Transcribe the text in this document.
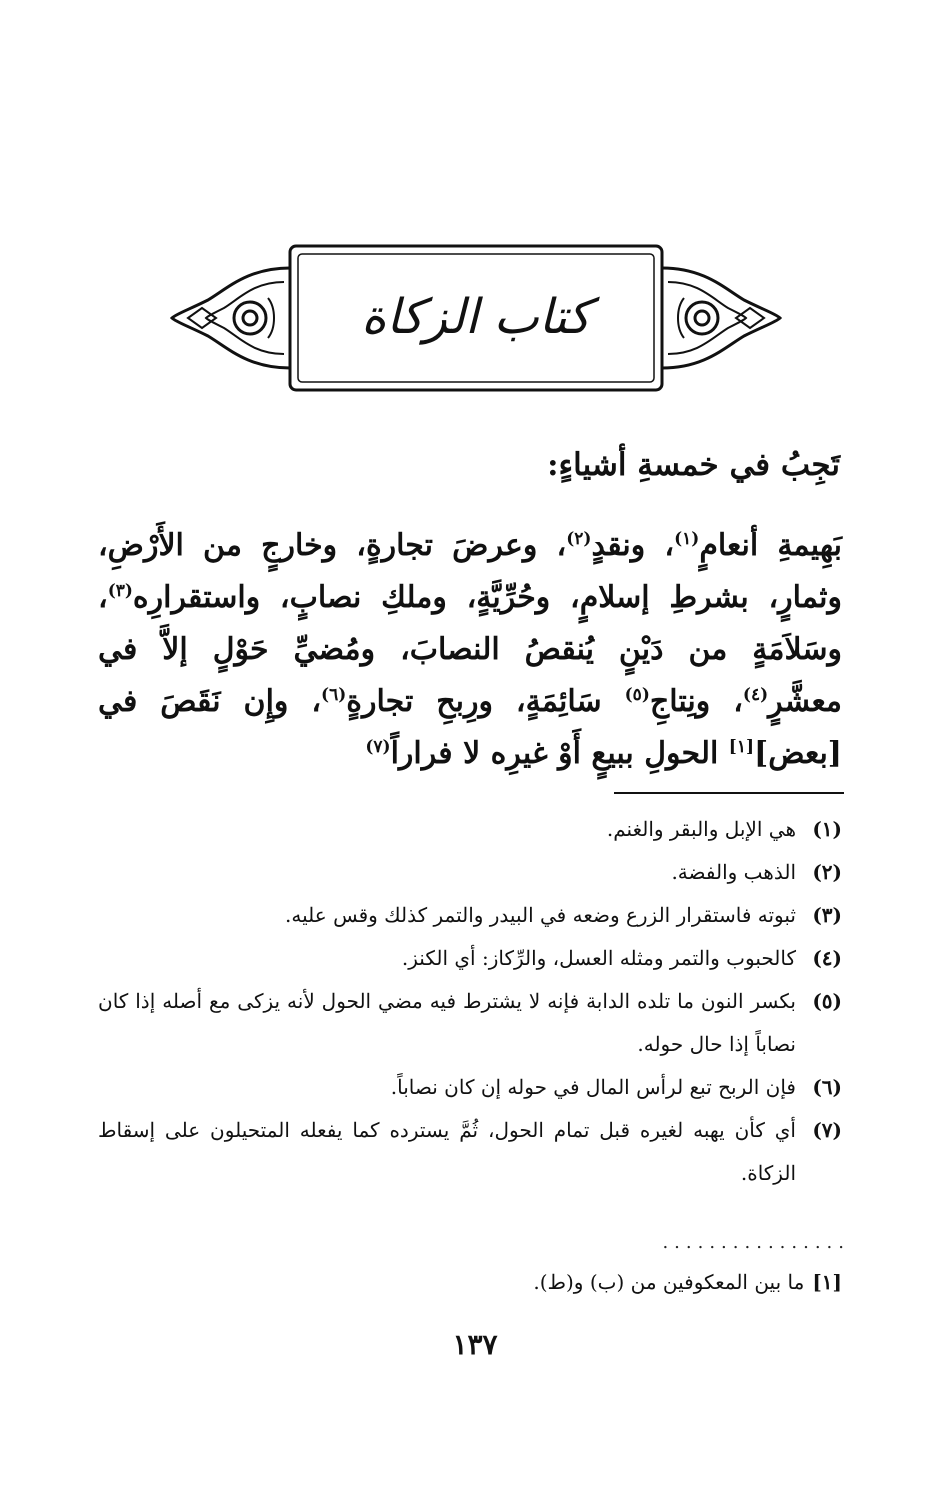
كتاب الزكاة
تَجِبُ في خمسةِ أشياءٍ:
بَهِيمةِ أنعامٍ$^{(١)}$، ونقدٍ$^{(٢)}$، وعرضَ تجارةٍ، وخارجٍ من الأَرْضِ، وثمارٍ، بشرطِ إسلامٍ، وحُرِّيَّةٍ، وملكِ نصابٍ، واستقرارِه$^{(٣)}$، وسَلاَمَةٍ من دَيْنٍ يُنقصُ النصابَ، ومُضيِّ حَوْلٍ إلاَّ في معشَّرٍ$^{(٤)}$، ونِتاجِ$^{(٥)}$ سَائِمَةٍ، ورِبحِ تجارةٍ$^{(٦)}$، وإِن نَقَصَ في [بعض][١] الحولِ ببيعٍ أَوْ غيرِه لا فراراً$^{(٧)}$
(١)
هي الإبل والبقر والغنم.
(٢)
الذهب والفضة.
(٣)
ثبوته فاستقرار الزرع وضعه في البيدر والتمر كذلك وقس عليه.
(٤)
كالحبوب والتمر ومثله العسل، والرِّكاز: أي الكنز.
(٥)
بكسر النون ما تلده الدابة فإنه لا يشترط فيه مضي الحول لأنه يزكى مع أصله إذا كان نصاباً إذا حال حوله.
(٦)
فإن الربح تبع لرأس المال في حوله إن كان نصاباً.
(٧)
أي كأن يهبه لغيره قبل تمام الحول، ثُمَّ يسترده كما يفعله المتحيلون على إسقاط الزكاة.
................
[١]ما بين المعكوفين من (ب) و(ط).
١٣٧
